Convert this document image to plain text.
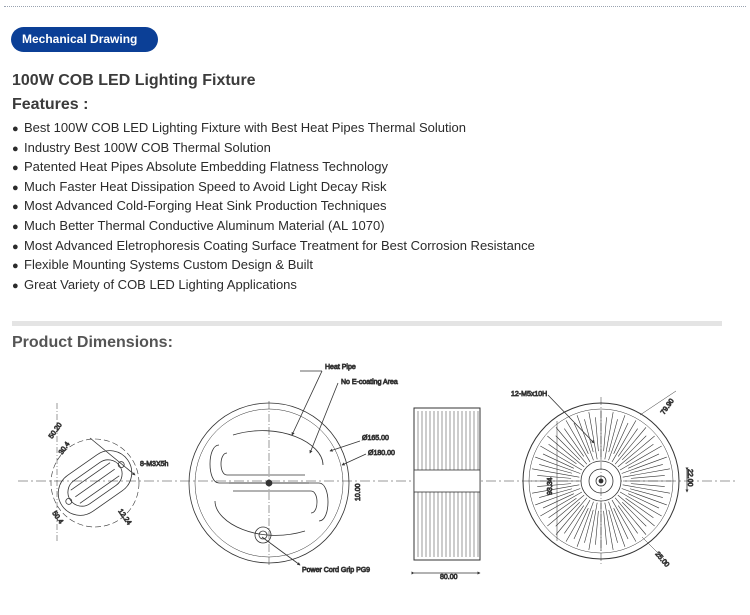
Mechanical Drawing
100W COB LED Lighting Fixture
Features :
● Best 100W COB LED Lighting Fixture with Best Heat Pipes Thermal Solution
● Industry Best 100W COB Thermal Solution
● Patented Heat Pipes Absolute Embedding Flatness Technology
● Much Faster Heat Dissipation Speed to Avoid Light Decay Risk
● Most Advanced Cold-Forging Heat Sink Production Techniques
● Much Better Thermal Conductive Aluminum Material (AL 1070)
● Most Advanced Eletrophoresis Coating Surface Treatment for Best Corrosion Resistance
● Flexible Mounting Systems Custom Design & Built
● Great Variety of COB LED Lighting Applications
Product Dimensions:
50.20
30.4
8-M3X5h
50.4	12.24
Heat Pipe
No E-coating Area
Ø165.00
Ø180.00
10.00
Power Cord Grip PG9
80.00
12-M5x10H
79.90
93.34	22.00
25.00
